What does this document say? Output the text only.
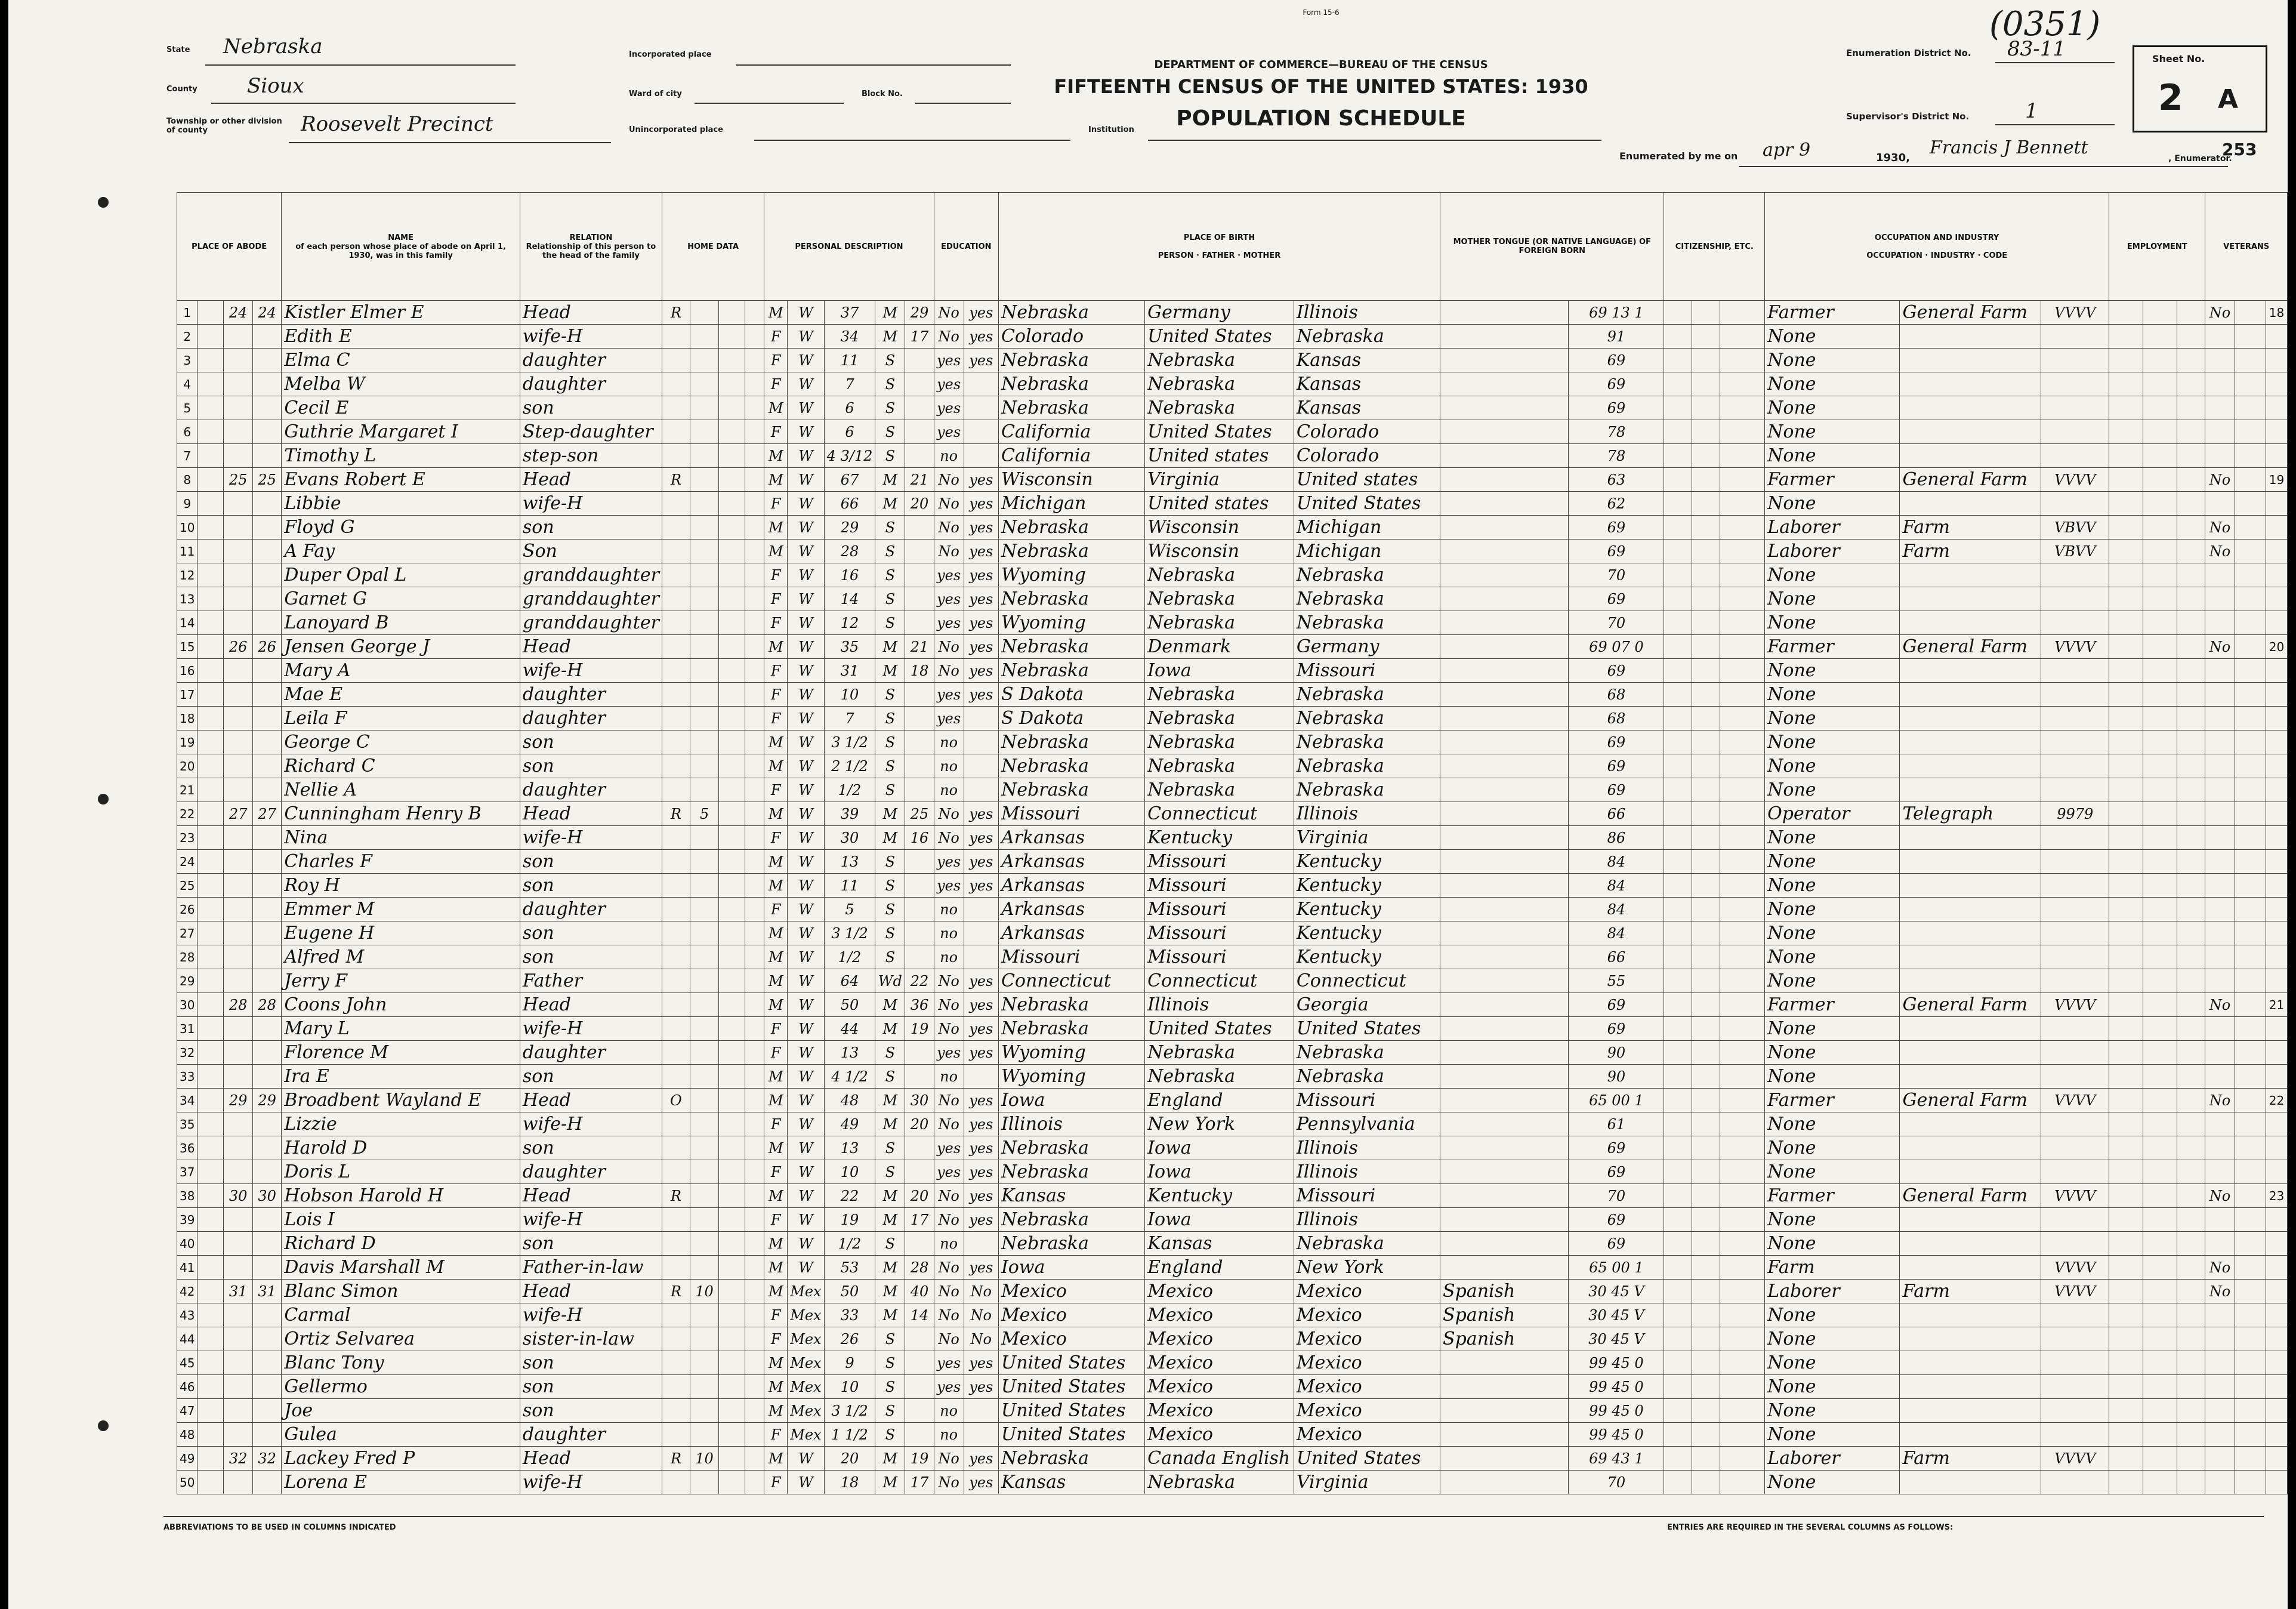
Form 15-6
DEPARTMENT OF COMMERCE—BUREAU OF THE CENSUS
FIFTEENTH CENSUS OF THE UNITED STATES: 1930
POPULATION SCHEDULE
(0351)
253
State Nebraska
County Sioux
Township or other division of county	Roosevelt Precinct
Incorporated place
Ward of city	Block No.
Unincorporated place	Institution
Enumeration District No. 83-11
Supervisor's District No.	1
Sheet No.
2 A
Enumerated by me on apr 9	1930, Francis J Bennett
, Enumerator.
PLACE OF ABODE				NAME
of each person whose place of abode on April 1, 1930, was in this family	RELATION
Relationship of this person to the head of the family	HOME DATA				PERSONAL DESCRIPTION					EDUCATION		PLACE OF BIRTH

PERSON · FATHER · MOTHER			MOTHER TONGUE (OR NATIVE LANGUAGE) OF FOREIGN BORN		CITIZENSHIP, ETC.			OCCUPATION AND INDUSTRY

OCCUPATION · INDUSTRY · CODE			EMPLOYMENT			VETERANS		
1		24	24	Kistler Elmer E	Head	R				M	W	37	M	29	No	yes	Nebraska	Germany	Illinois		69 13 1				Farmer	General Farm	VVVV				No		18
2				Edith E	wife-H					F	W	34	M	17	No	yes	Colorado	United States	Nebraska		91				None								
3				Elma C	daughter					F	W	11	S		yes	yes	Nebraska	Nebraska	Kansas		69				None								
4				Melba W	daughter					F	W	7	S		yes		Nebraska	Nebraska	Kansas		69				None								
5				Cecil E	son					M	W	6	S		yes		Nebraska	Nebraska	Kansas		69				None								
6				Guthrie Margaret I	Step-daughter					F	W	6	S		yes		California	United States	Colorado		78				None								
7				Timothy L	step-son					M	W	4 3/12	S		no		California	United states	Colorado		78				None								
8		25	25	Evans Robert E	Head	R				M	W	67	M	21	No	yes	Wisconsin	Virginia	United states		63				Farmer	General Farm	VVVV				No		19
9				Libbie	wife-H					F	W	66	M	20	No	yes	Michigan	United states	United States		62				None								
10				Floyd G	son					M	W	29	S		No	yes	Nebraska	Wisconsin	Michigan		69				Laborer	Farm	VBVV				No		
11				A Fay	Son					M	W	28	S		No	yes	Nebraska	Wisconsin	Michigan		69				Laborer	Farm	VBVV				No		
12				Duper Opal L	granddaughter					F	W	16	S		yes	yes	Wyoming	Nebraska	Nebraska		70				None								
13				Garnet G	granddaughter					F	W	14	S		yes	yes	Nebraska	Nebraska	Nebraska		69				None								
14				Lanoyard B	granddaughter					F	W	12	S		yes	yes	Wyoming	Nebraska	Nebraska		70				None								
15		26	26	Jensen George J	Head					M	W	35	M	21	No	yes	Nebraska	Denmark	Germany		69 07 0				Farmer	General Farm	VVVV				No		20
16				Mary A	wife-H					F	W	31	M	18	No	yes	Nebraska	Iowa	Missouri		69				None								
17				Mae E	daughter					F	W	10	S		yes	yes	S Dakota	Nebraska	Nebraska		68				None								
18				Leila F	daughter					F	W	7	S		yes		S Dakota	Nebraska	Nebraska		68				None								
19				George C	son					M	W	3 1/2	S		no		Nebraska	Nebraska	Nebraska		69				None								
20				Richard C	son					M	W	2 1/2	S		no		Nebraska	Nebraska	Nebraska		69				None								
21				Nellie A	daughter					F	W	1/2	S		no		Nebraska	Nebraska	Nebraska		69				None								
22		27	27	Cunningham Henry B	Head	R	5			M	W	39	M	25	No	yes	Missouri	Connecticut	Illinois		66				Operator	Telegraph	9979						
23				Nina	wife-H					F	W	30	M	16	No	yes	Arkansas	Kentucky	Virginia		86				None								
24				Charles F	son					M	W	13	S		yes	yes	Arkansas	Missouri	Kentucky		84				None								
25				Roy H	son					M	W	11	S		yes	yes	Arkansas	Missouri	Kentucky		84				None								
26				Emmer M	daughter					F	W	5	S		no		Arkansas	Missouri	Kentucky		84				None								
27				Eugene H	son					M	W	3 1/2	S		no		Arkansas	Missouri	Kentucky		84				None								
28				Alfred M	son					M	W	1/2	S		no		Missouri	Missouri	Kentucky		66				None								
29				Jerry F	Father					M	W	64	Wd	22	No	yes	Connecticut	Connecticut	Connecticut		55				None								
30		28	28	Coons John	Head					M	W	50	M	36	No	yes	Nebraska	Illinois	Georgia		69				Farmer	General Farm	VVVV				No		21
31				Mary L	wife-H					F	W	44	M	19	No	yes	Nebraska	United States	United States		69				None								
32				Florence M	daughter					F	W	13	S		yes	yes	Wyoming	Nebraska	Nebraska		90				None								
33				Ira E	son					M	W	4 1/2	S		no		Wyoming	Nebraska	Nebraska		90				None								
34		29	29	Broadbent Wayland E	Head	O				M	W	48	M	30	No	yes	Iowa	England	Missouri		65 00 1				Farmer	General Farm	VVVV				No		22
35				Lizzie	wife-H					F	W	49	M	20	No	yes	Illinois	New York	Pennsylvania		61				None								
36				Harold D	son					M	W	13	S		yes	yes	Nebraska	Iowa	Illinois		69				None								
37				Doris L	daughter					F	W	10	S		yes	yes	Nebraska	Iowa	Illinois		69				None								
38		30	30	Hobson Harold H	Head	R				M	W	22	M	20	No	yes	Kansas	Kentucky	Missouri		70				Farmer	General Farm	VVVV				No		23
39				Lois I	wife-H					F	W	19	M	17	No	yes	Nebraska	Iowa	Illinois		69				None								
40				Richard D	son					M	W	1/2	S		no		Nebraska	Kansas	Nebraska		69				None								
41				Davis Marshall M	Father-in-law					M	W	53	M	28	No	yes	Iowa	England	New York		65 00 1				Farm		VVVV				No		
42		31	31	Blanc Simon	Head	R	10			M	Mex	50	M	40	No	No	Mexico	Mexico	Mexico	Spanish	30 45 V				Laborer	Farm	VVVV				No		
43				Carmal	wife-H					F	Mex	33	M	14	No	No	Mexico	Mexico	Mexico	Spanish	30 45 V				None								
44				Ortiz Selvarea	sister-in-law					F	Mex	26	S		No	No	Mexico	Mexico	Mexico	Spanish	30 45 V				None								
45				Blanc Tony	son					M	Mex	9	S		yes	yes	United States	Mexico	Mexico		99 45 0				None								
46				Gellermo	son					M	Mex	10	S		yes	yes	United States	Mexico	Mexico		99 45 0				None								
47				Joe	son					M	Mex	3 1/2	S		no		United States	Mexico	Mexico		99 45 0				None								
48				Gulea	daughter					F	Mex	1 1/2	S		no		United States	Mexico	Mexico		99 45 0				None								
49		32	32	Lackey Fred P	Head	R	10			M	W	20	M	19	No	yes	Nebraska	Canada English	United States		69 43 1				Laborer	Farm	VVVV						
50				Lorena E	wife-H					F	W	18	M	17	No	yes	Kansas	Nebraska	Virginia		70				None								
ABBREVIATIONS TO BE USED IN COLUMNS INDICATED	ENTRIES ARE REQUIRED IN THE SEVERAL COLUMNS AS FOLLOWS:
